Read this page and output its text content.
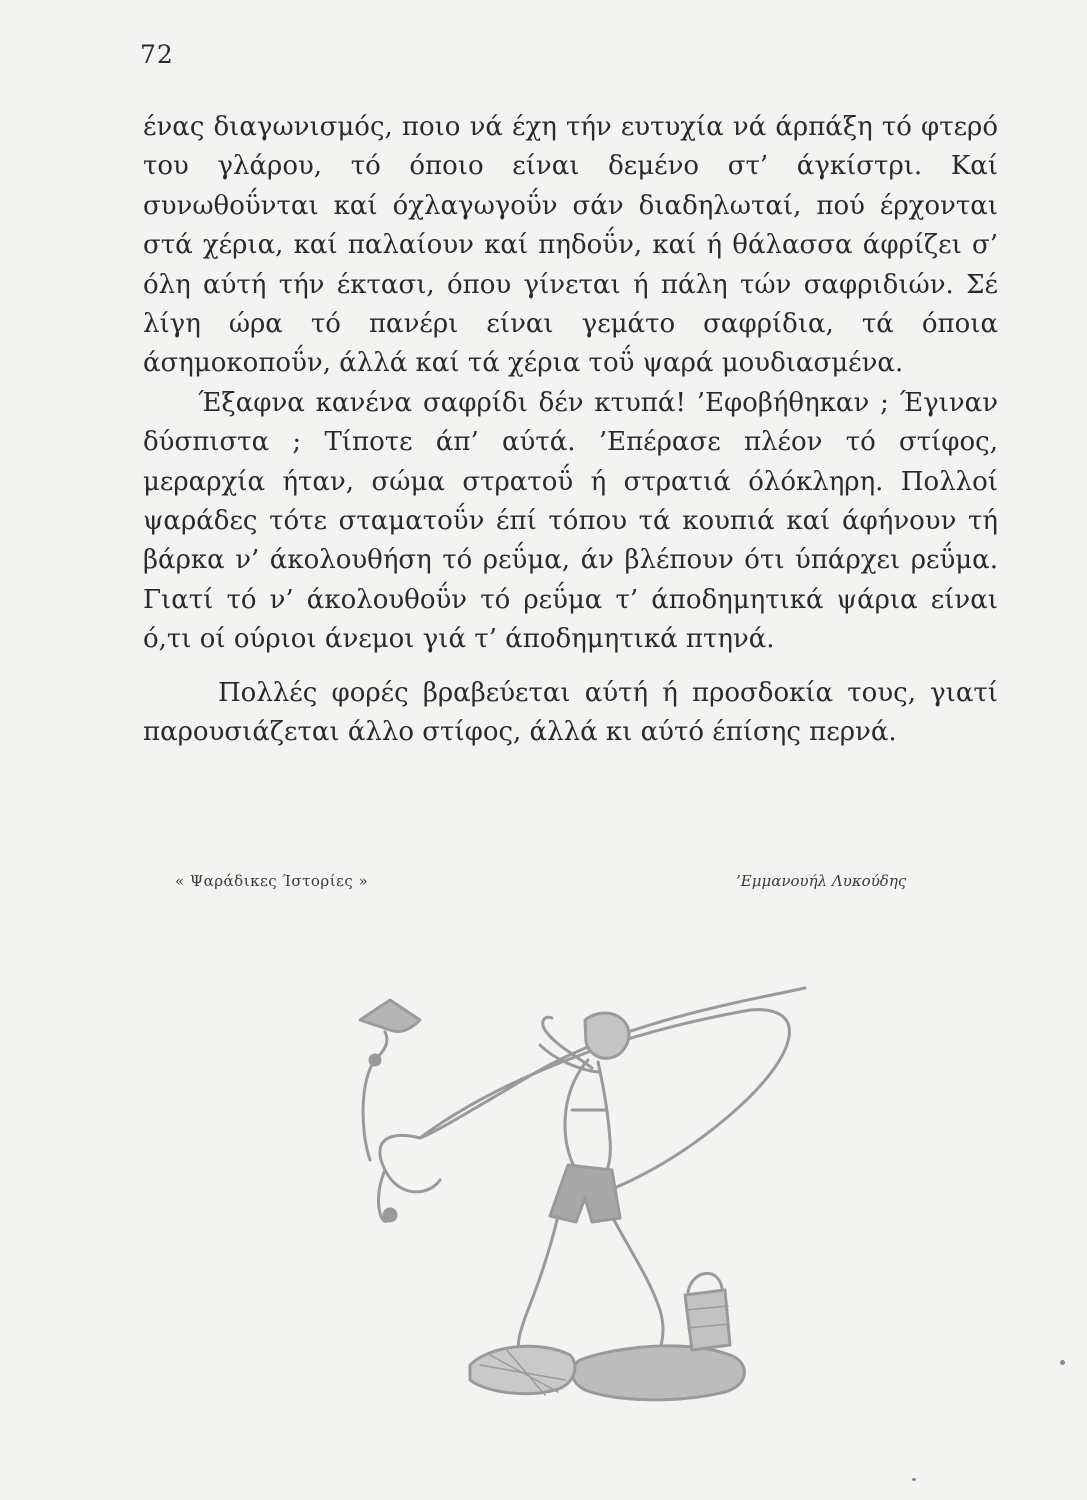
72

ένας διαγωνισμός, ποιο νά έχη τήν ευτυχία νά άρπάξη τό φτερό του γλάρου, τό όποιο είναι δεμένο στ’ άγκίστρι. Καί συνωθοΰνται καί όχλαγωγοΰν σάν διαδηλωταί, πού έρχονται στά χέρια, καί παλαίουν καί πηδοΰν, καί ή θάλασσα άφρίζει σ’ όλη αύτή τήν έκτασι, όπου γίνεται ή πάλη τών σαφριδιών. Σέ λίγη ώρα τό πανέρι είναι γεμάτο σαφρίδια, τά όποια άσημοκοποΰν, άλλά καί τά χέρια τοΰ ψαρά μουδιασμένα.

Έξαφνα κανένα σαφρίδι δέν κτυπά! ’Εφοβήθηκαν ; Έγιναν δύσπιστα ; Τίποτε άπ’ αύτά. ’Επέρασε πλέον τό στίφος, μεραρχία ήταν, σώμα στρατοΰ ή στρατιά όλόκληρη. Πολλοί ψαράδες τότε σταματοΰν έπί τόπου τά κουπιά καί άφήνουν τή βάρκα ν’ άκολουθήση τό ρεΰμα, άν βλέπουν ότι ύπάρχει ρεΰμα. Γιατί τό ν’ άκολουθοΰν τό ρεΰμα τ’ άποδημητικά ψάρια είναι ό,τι οί ούριοι άνεμοι γιά τ’ άποδημητικά πτηνά.

Πολλές φορές βραβεύεται αύτή ή προσδοκία τους, γιατί παρουσιάζεται άλλο στίφος, άλλά κι αύτό έπίσης περνά.

« Ψαράδικες Ίστορίες »	’Εμμανουήλ Λυκούδης
